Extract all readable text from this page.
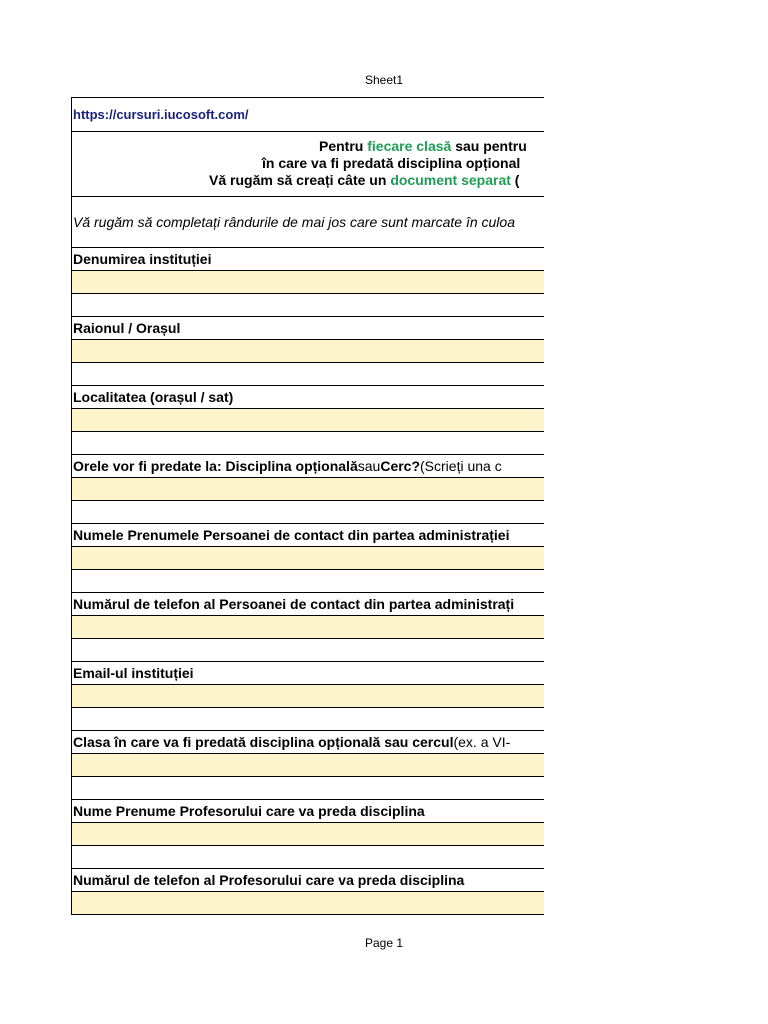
Sheet1
https://cursuri.iucosoft.com/
Pentru fiecare clasă sau pentru
în care va fi predată disciplina opțional
Vă rugăm să creați câte un document separat (
Vă rugăm să completați rândurile de mai jos care sunt marcate în culoa
Denumirea instituției
Raionul / Orașul
Localitatea (orașul / sat)
Orele vor fi predate la: Disciplina opțională sau Cerc? (Scrieți una c
Numele Prenumele Persoanei de contact din partea administrației
Numărul de telefon al Persoanei de contact din partea administrați
Email-ul instituției
Clasa în care va fi predată disciplina opțională sau cercul (ex. a VI-
Nume Prenume Profesorului care va preda disciplina
Numărul de telefon al Profesorului care va preda disciplina
Page 1
